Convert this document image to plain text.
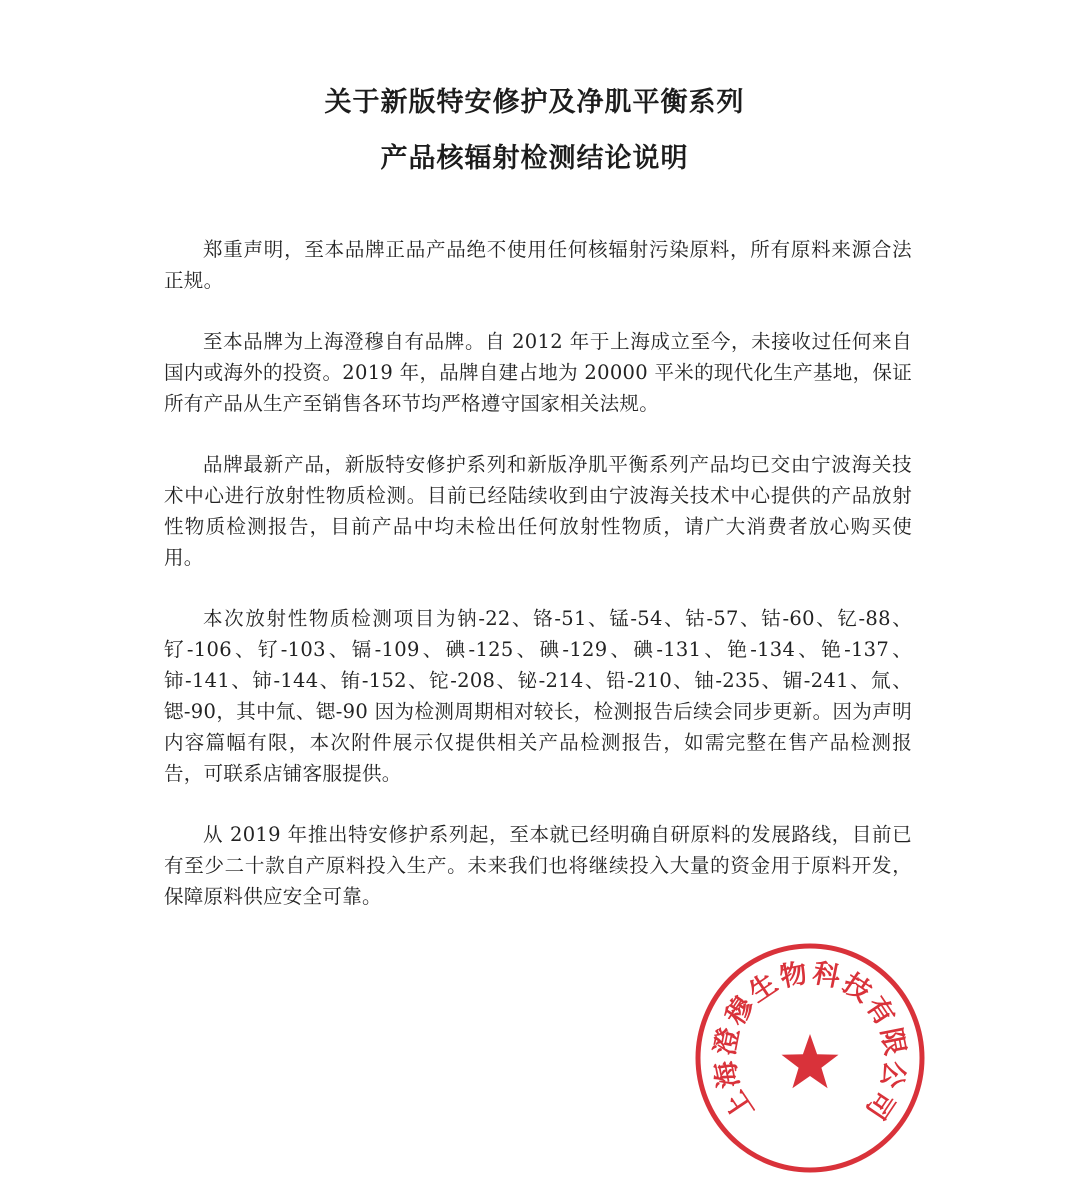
关于新版特安修护及净肌平衡系列
产品核辐射检测结论说明

郑重声明，至本品牌正品产品绝不使用任何核辐射污染原料，所有原料来源合法正规。

至本品牌为上海澄穆自有品牌。自 2012 年于上海成立至今，未接收过任何来自国内或海外的投资。2019 年，品牌自建占地为 20000 平米的现代化生产基地，保证所有产品从生产至销售各环节均严格遵守国家相关法规。

品牌最新产品，新版特安修护系列和新版净肌平衡系列产品均已交由宁波海关技术中心进行放射性物质检测。目前已经陆续收到由宁波海关技术中心提供的产品放射性物质检测报告，目前产品中均未检出任何放射性物质，请广大消费者放心购买使用。

本次放射性物质检测项目为钠-22、铬-51、锰-54、钴-57、钴-60、钇-88、钌-106、钌-103、镉-109、碘-125、碘-129、碘-131、铯-134、铯-137、铈-141、铈-144、铕-152、铊-208、铋-214、铅-210、铀-235、镅-241、氚、锶-90，其中氚、锶-90 因为检测周期相对较长，检测报告后续会同步更新。因为声明内容篇幅有限，本次附件展示仅提供相关产品检测报告，如需完整在售产品检测报告，可联系店铺客服提供。

从 2019 年推出特安修护系列起，至本就已经明确自研原料的发展路线，目前已有至少二十款自产原料投入生产。未来我们也将继续投入大量的资金用于原料开发，保障原料供应安全可靠。

上
海
澄
穆
生
物 科
技
有
限
公
司
